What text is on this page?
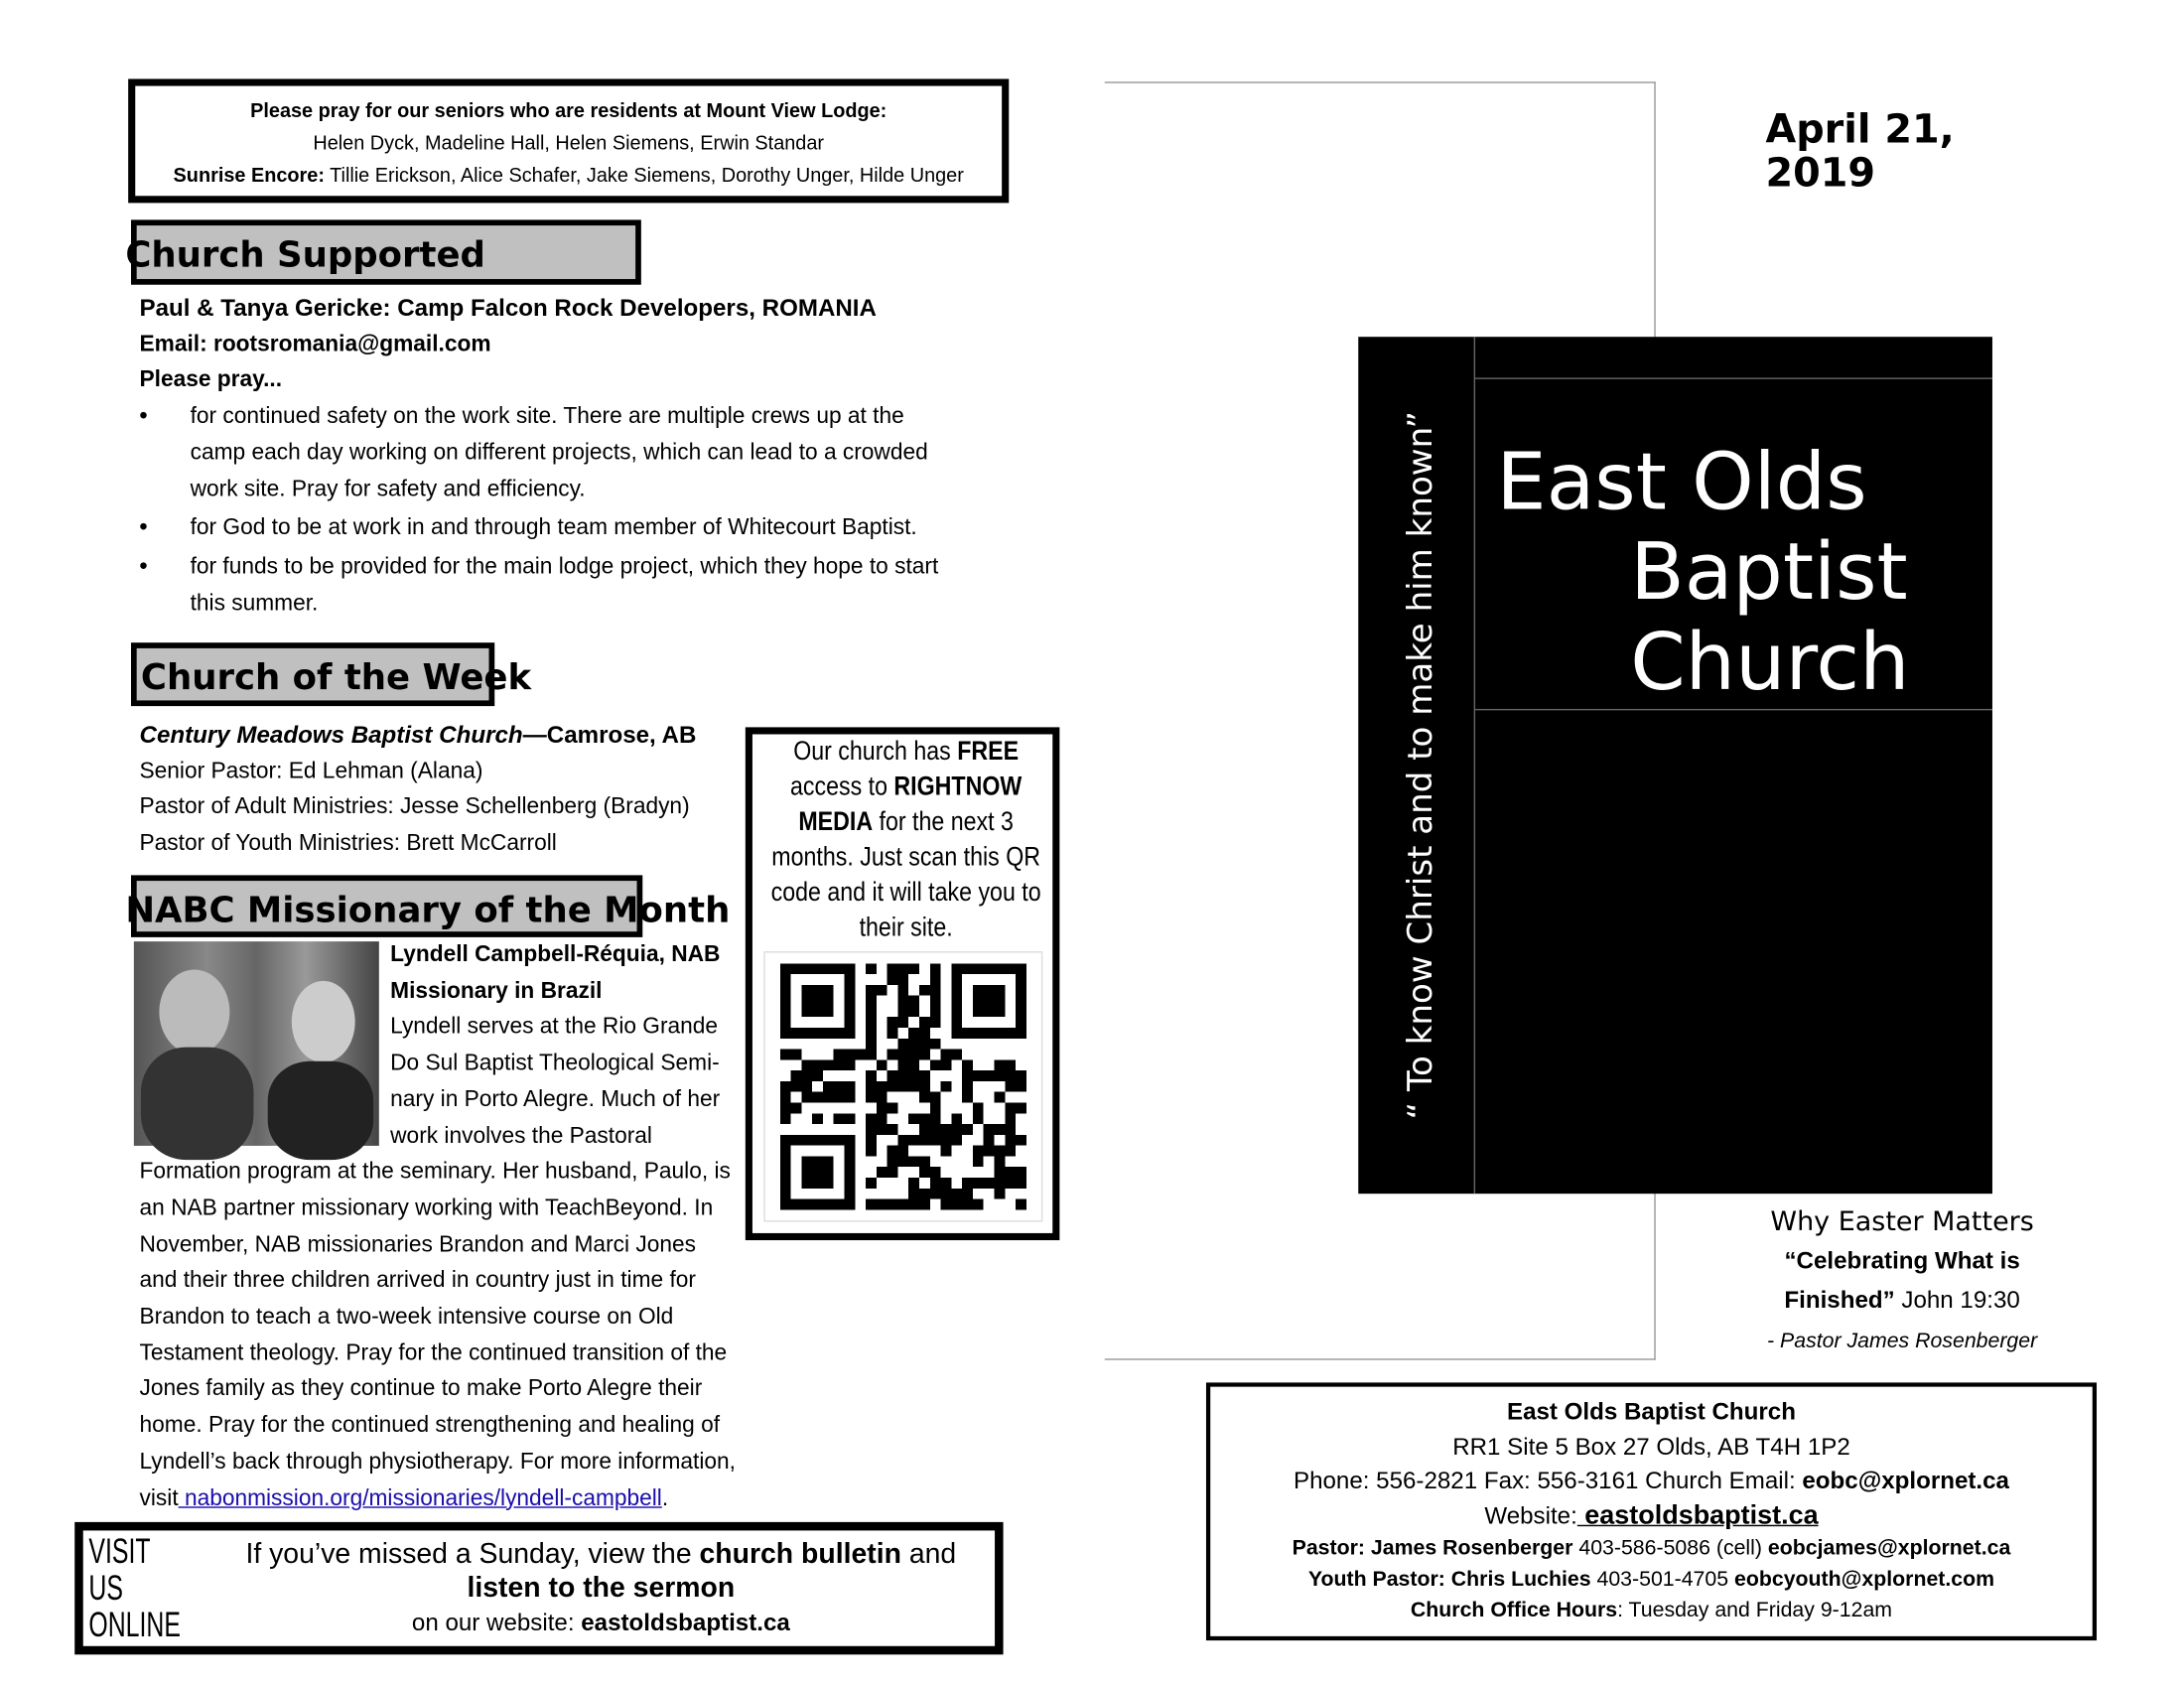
Please pray for our seniors who are residents at Mount View Lodge:
Helen Dyck, Madeline Hall, Helen Siemens, Erwin Standar
Sunrise Encore: Tillie Erickson, Alice Schafer, Jake Siemens, Dorothy Unger, Hilde Unger
Church Supported
Paul & Tanya Gericke: Camp Falcon Rock Developers, ROMANIA
Email: rootsromania@gmail.com
Please pray...
• for continued safety on the work site. There are multiple crews up at the camp each day working on different projects, which can lead to a crowded work site. Pray for safety and efficiency.
• for God to be at work in and through team member of Whitecourt Baptist.
• for funds to be provided for the main lodge project, which they hope to start this summer.
Church of the Week
Century Meadows Baptist Church—Camrose, AB
Senior Pastor: Ed Lehman (Alana)
Pastor of Adult Ministries: Jesse Schellenberg (Bradyn)
Pastor of Youth Ministries: Brett McCarroll
NABC Missionary of the Month
Lyndell Campbell-Réquia, NAB Missionary in Brazil
Lyndell serves at the Rio Grande Do Sul Baptist Theological Semi-nary in Porto Alegre. Much of her work involves the Pastoral Formation program at the seminary. Her husband, Paulo, is an NAB partner missionary working with TeachBeyond. In November, NAB missionaries Brandon and Marci Jones and their three children arrived in country just in time for Brandon to teach a two-week intensive course on Old Testament theology. Pray for the continued transition of the Jones family as they continue to make Porto Alegre their home. Pray for the continued strengthening and healing of Lyndell’s back through physiotherapy. For more information, visit nabonmission.org/missionaries/lyndell-campbell.
VISIT US
ONLINE
If you’ve missed a Sunday, view the church bulletin and listen to the sermon
on our website: eastoldsbaptist.ca
Our church has FREE access to RIGHTNOW MEDIA for the next 3 months. Just scan this QR code and it will take you to their site.
April 21, 2019
“ To know Christ and to make him known” East Olds
Baptist
Church
Why Easter Matters
“Celebrating What is Finished” John 19:30
- Pastor James Rosenberger
East Olds Baptist Church
RR1 Site 5 Box 27 Olds, AB T4H 1P2
Phone: 556-2821 Fax: 556-3161 Church Email: eobc@xplornet.ca
Website: eastoldsbaptist.ca
Pastor: James Rosenberger 403-586-5086 (cell) eobcjames@xplornet.ca
Youth Pastor: Chris Luchies 403-501-4705 eobcyouth@xplornet.com
Church Office Hours: Tuesday and Friday 9-12am
